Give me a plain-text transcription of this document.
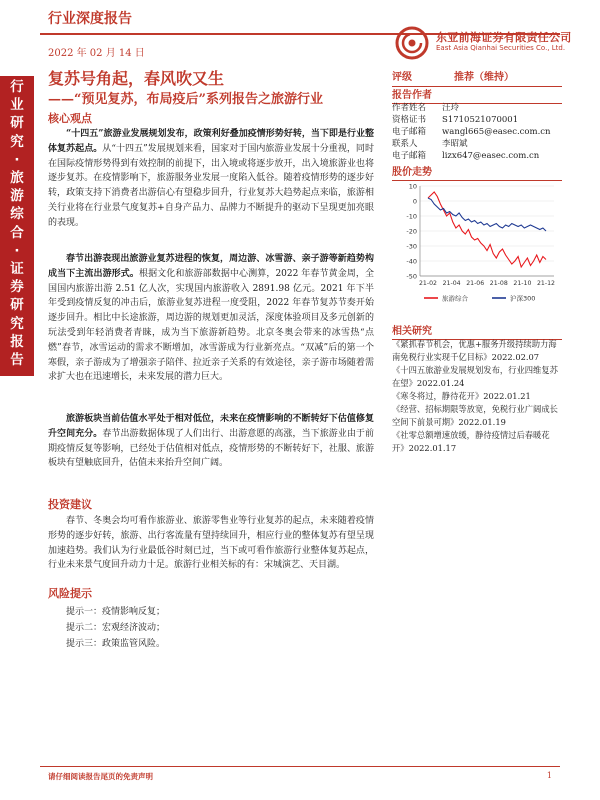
行业深度报告
2022 年 02 月 14 日
东亚前海证券有限责任公司
East Asia Qianhai Securities Co., Ltd.
行业研究·旅游综合·证券研究报告
复苏号角起，春风吹又生
——“预见复苏，布局疫后”系列报告之旅游行业
核心观点
“十四五”旅游业发展规划发布，政策利好叠加疫情形势好转，当下即是行业整体复苏起点。从“十四五”发展规划来看，国家对于国内旅游业发展十分重视，同时在国际疫情形势得到有效控制的前提下，出入境或将逐步放开，出入境旅游业也将逐步复苏。在疫情影响下，旅游服务业发展一度陷入低谷。随着疫情形势的逐步好转，政策支持下消费者出游信心有望稳步回升，行业复苏大趋势起点来临，旅游相关行业将在行业景气度复苏+自身产品力、品牌力不断提升的驱动下呈现更加亮眼的表现。
春节出游表现出旅游业复苏进程的恢复，周边游、冰雪游、亲子游等新趋势构成当下主流出游形式。根据文化和旅游部数据中心测算，2022 年春节黄金周，全国国内旅游出游 2.51 亿人次，实现国内旅游收入 2891.98 亿元。2021 年下半年受到疫情反复的冲击后，旅游业复苏进程一度受阻，2022 年春节复苏节奏开始逐步回升。相比中长途旅游，周边游的规划更加灵活，深度体验项目及多元创新的玩法受到年轻消费者青睐，成为当下旅游新趋势。北京冬奥会带来的冰雪热“点燃”春节，冰雪运动的需求不断增加，冰雪游成为行业新亮点。“双减”后的第一个寒假，亲子游成为了增强亲子陪伴、拉近亲子关系的有效途径，亲子游市场随着需求扩大也在迅速增长，未来发展的潜力巨大。
旅游板块当前估值水平处于相对低位，未来在疫情影响的不断转好下估值修复升空间充分。春节出游数据体现了人们出行、出游意愿的高涨，当下旅游业由于前期疫情反复等影响，已经处于估值相对低点，疫情形势的不断转好下，社服、旅游板块有望触底回升，估值未来抬升空间广阔。
投资建议
春节、冬奥会均可看作旅游业、旅游零售业等行业复苏的起点，未来随着疫情形势的逐步好转，旅游、出行客流量有望持续回升，相应行业的整体复苏有望呈现加速趋势。我们认为行业最低谷时刻已过，当下或可看作旅游行业整体复苏起点，行业未来景气度回升动力十足。旅游行业相关标的有：宋城演艺、天目湖。
风险提示
提示一：疫情影响反复；
提示二：宏观经济波动；
提示三：政策监管风险。
评级	推荐（维持）
报告作者
作者姓名 汪玲
资格证书 S1710521070001
电子邮箱 wangl665@easec.com.cn
联系人	李昭斌
电子邮箱 lizx647@easec.com.cn
股价走势
10
0
-10
-20
-30
-40
-50
21-02 21-04 21-06 21-08 21-10 21-12
旅游综合	沪深300
相关研究
《紧抓春节机会，优惠+服务升级持续助力海南免税行业实现千亿目标》2022.02.07
《十四五旅游业发展规划发布，行业四维复苏在望》2022.01.24
《寒冬将过，静待花开》2022.01.21
《经营、招标期限等放宽，免税行业广阔成长空间下前景可期》2022.01.19
《社零总额增速放缓，静待疫情过后春暖花开》2022.01.17
请仔细阅读报告尾页的免责声明	1
